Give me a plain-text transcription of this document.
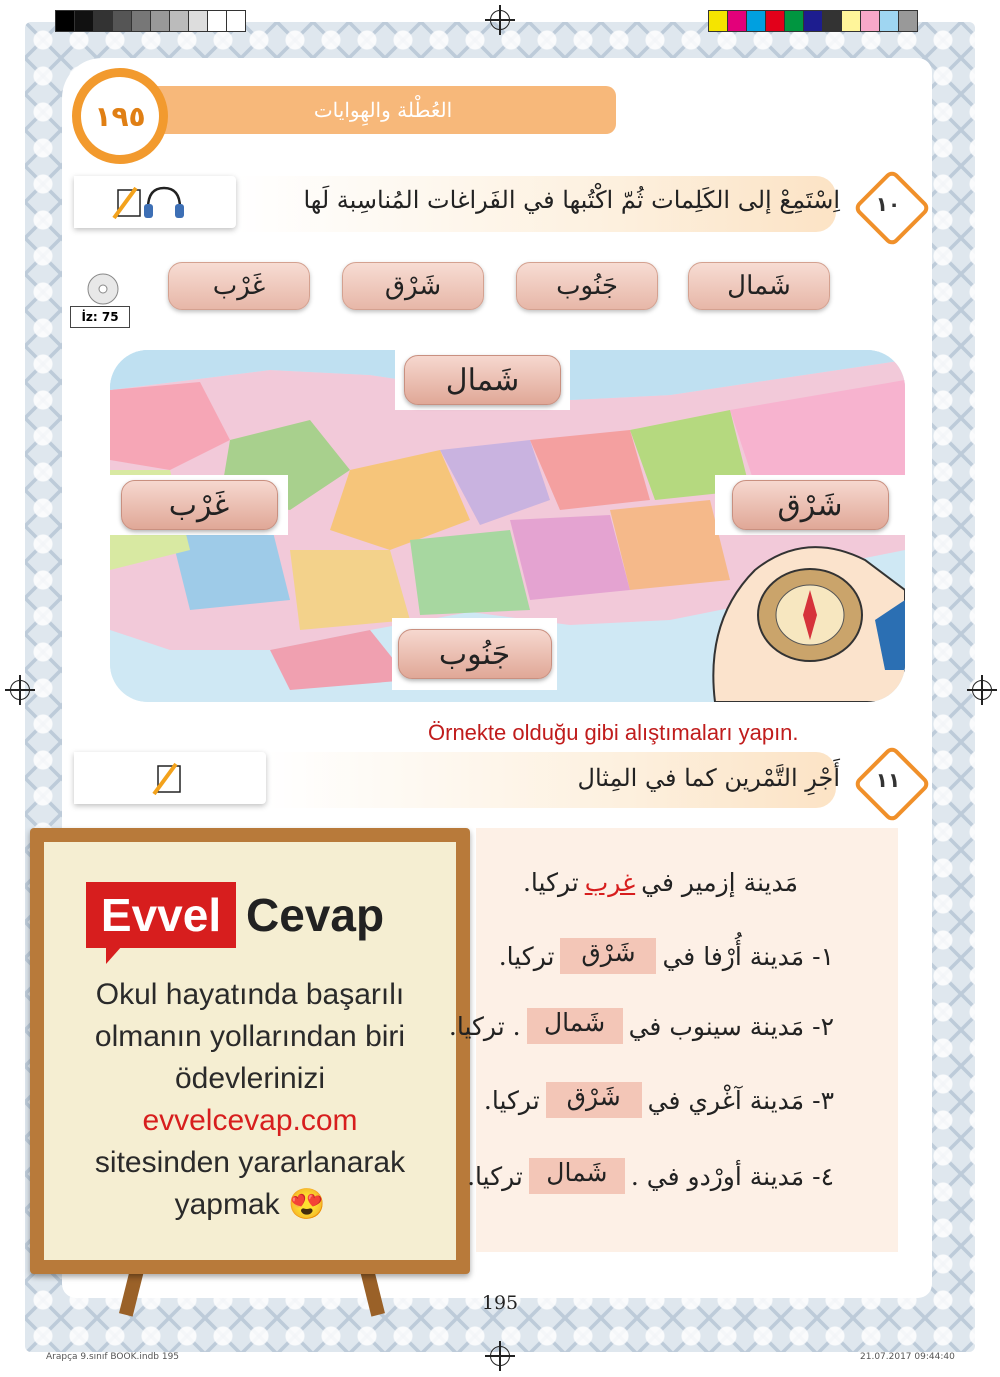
العُطْلة والهِوايات
١٩٥
اِسْتَمِعْ إلى الكَلِمات ثُمّ اكْتُبها في الفَراغات المُناسِبة لَها	١٠
İz: 75
شَمال
جَنُوب
شَرْق
غَرْب
شَمال
غَرْب	شَرْق
جَنُوب
Örnekte olduğu gibi alıştımaları yapın.
أَجْرِ التَّمْرين كما في المِثال	١١
Evvel Cevap
Okul hayatında başarılı
olmanın yollarından biri
ödevlerinizi
evvelcevap.com
sitesinden yararlanarak
yapmak 😍
مَدينة إزمير في
غرب
تركيا.
١- مَدينة أُرْفا في
شَرْق
تركيا.
٢- مَدينة سينوب في
شَمال
. تركيا.
٣- مَدينة آغْري في
شَرْق
تركيا.
٤- مَدينة أورْدو في .
شَمال
تركيا.
195
Arapça 9.sınıf BOOK.indb 195	21.07.2017 09:44:40
